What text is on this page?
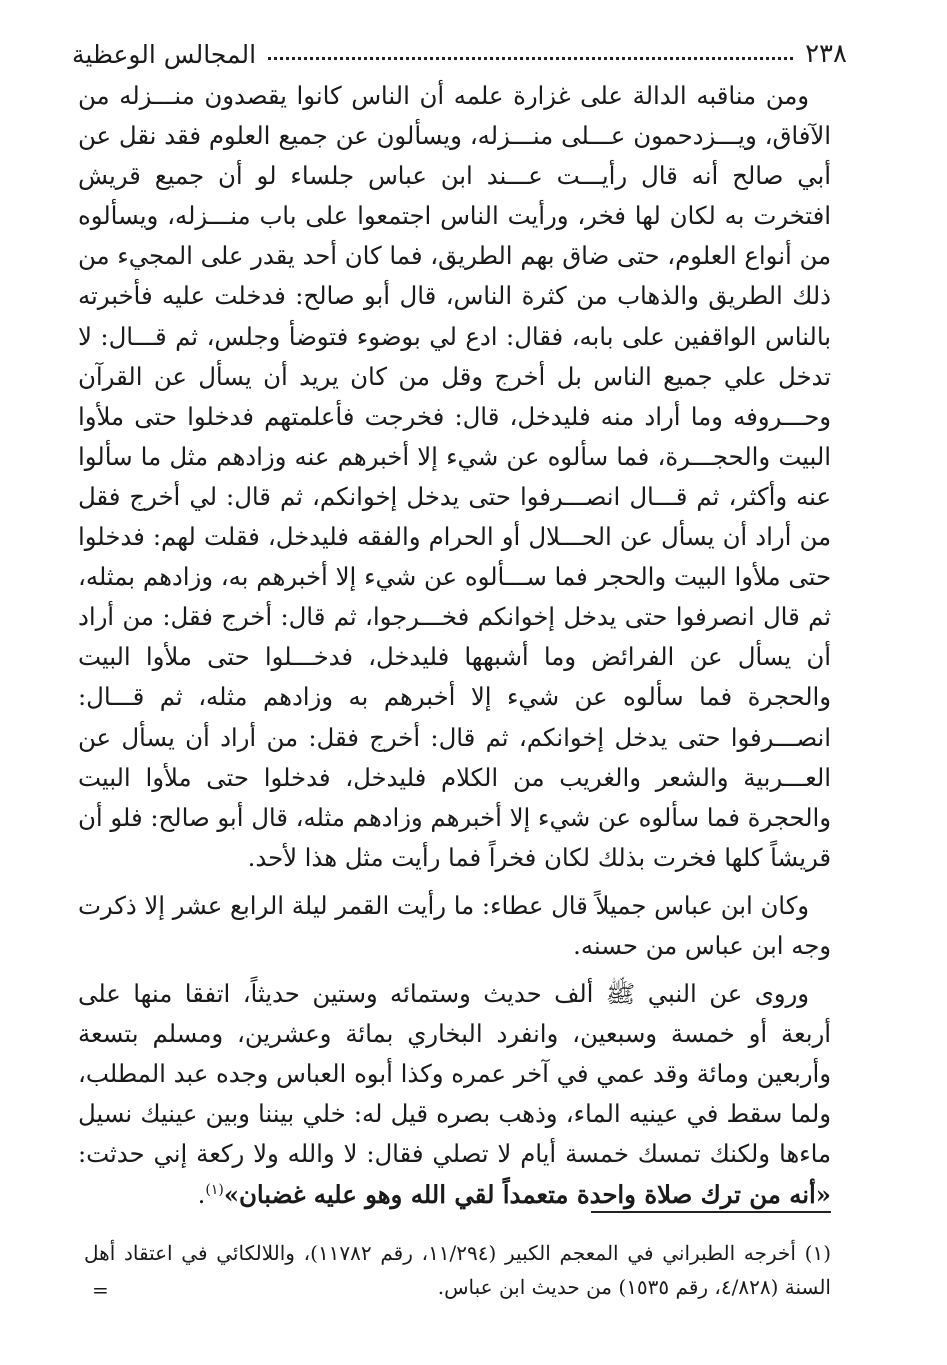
المجالس الوعظية	٢٣٨

ومن مناقبه الدالة على غزارة علمه أن الناس كانوا يقصدون منـــزله من الآفاق، ويـــزدحمون عـــلى منـــزله، ويسألون عن جميع العلوم فقد نقل عن أبي صالح أنه قال رأيـــت عـــند ابن عباس جلساء لو أن جميع قريش افتخرت به لكان لها فخر، ورأيت الناس اجتمعوا على باب منـــزله، ويسألوه من أنواع العلوم، حتى ضاق بهم الطريق، فما كان أحد يقدر على المجيء من ذلك الطريق والذهاب من كثرة الناس، قال أبو صالح: فدخلت عليه فأخبرته بالناس الواقفين على بابه، فقال: ادع لي بوضوء فتوضأ وجلس، ثم قـــال: لا تدخل علي جميع الناس بل أخرج وقل من كان يريد أن يسأل عن القرآن وحـــروفه وما أراد منه فليدخل، قال: فخرجت فأعلمتهم فدخلوا حتى ملأوا البيت والحجـــرة، فما سألوه عن شيء إلا أخبرهم عنه وزادهم مثل ما سألوا عنه وأكثر، ثم قـــال انصـــرفوا حتى يدخل إخوانكم، ثم قال: لي أخرج فقل من أراد أن يسأل عن الحـــلال أو الحرام والفقه فليدخل، فقلت لهم: فدخلوا حتى ملأوا البيت والحجر فما ســـألوه عن شيء إلا أخبرهم به، وزادهم بمثله، ثم قال انصرفوا حتى يدخل إخوانكم فخـــرجوا، ثم قال: أخرج فقل: من أراد أن يسأل عن الفرائض وما أشبهها فليدخل، فدخـــلوا حتى ملأوا البيت والحجرة فما سألوه عن شيء إلا أخبرهم به وزادهم مثله، ثم قـــال: انصـــرفوا حتى يدخل إخوانكم، ثم قال: أخرج فقل: من أراد أن يسأل عن العـــربية والشعر والغريب من الكلام فليدخل، فدخلوا حتى ملأوا البيت والحجرة فما سألوه عن شيء إلا أخبرهم وزادهم مثله، قال أبو صالح: فلو أن قريشاً كلها فخرت بذلك لكان فخراً فما رأيت مثل هذا لأحد.

وكان ابن عباس جميلاً قال عطاء: ما رأيت القمر ليلة الرابع عشر إلا ذكرت وجه ابن عباس من حسنه.

وروى عن النبي ﷺ ألف حديث وستمائه وستين حديثاً، اتفقا منها على أربعة أو خمسة وسبعين، وانفرد البخاري بمائة وعشرين، ومسلم بتسعة وأربعين ومائة وقد عمي في آخر عمره وكذا أبوه العباس وجده عبد المطلب، ولما سقط في عينيه الماء، وذهب بصره قيل له: خلي بيننا وبين عينيك نسيل ماءها ولكنك تمسك خمسة أيام لا تصلي فقال: لا والله ولا ركعة إني حدثت: «أنه من ترك صلاة واحدة متعمداً لقي الله وهو عليه غضبان»$^{(١)}$.

(١) أخرجه الطبراني في المعجم الكبير (١١/٢٩٤، رقم ١١٧٨٢)، واللالكائي في اعتقاد أهل السنة (٤/٨٢٨، رقم ١٥٣٥) من حديث ابن عباس.

=
